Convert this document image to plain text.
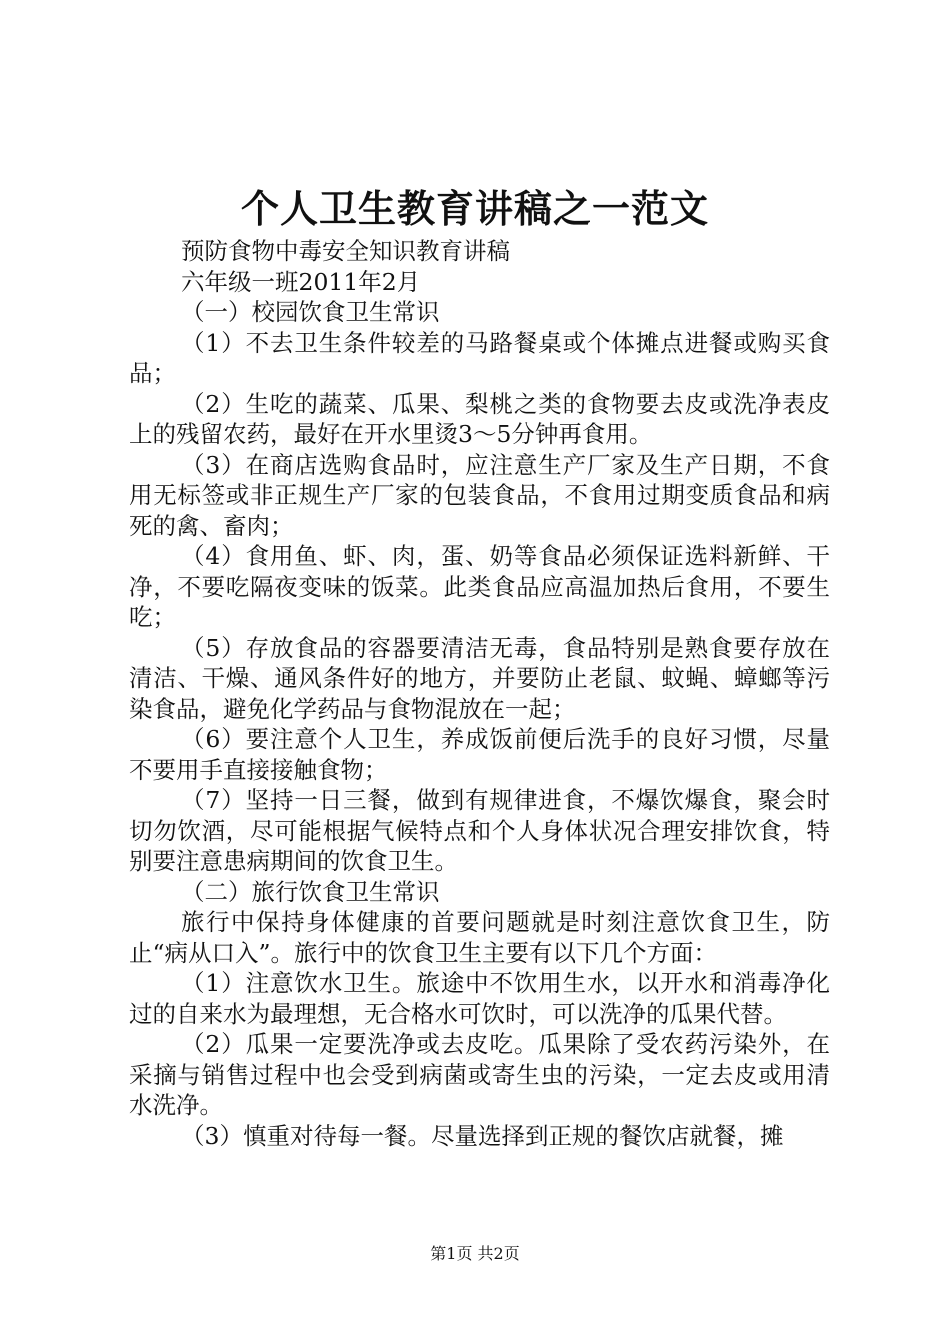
个人卫生教育讲稿之一范文

预防食物中毒安全知识教育讲稿

六年级一班2011年2月

（一）校园饮食卫生常识

（1）不去卫生条件较差的马路餐桌或个体摊点进餐或购买食品；

（2）生吃的蔬菜、瓜果、梨桃之类的食物要去皮或洗净表皮上的残留农药，最好在开水里烫3～5分钟再食用。

（3）在商店选购食品时，应注意生产厂家及生产日期，不食用无标签或非正规生产厂家的包装食品，不食用过期变质食品和病死的禽、畜肉；

（4）食用鱼、虾、肉，蛋、奶等食品必须保证选料新鲜、干净，不要吃隔夜变味的饭菜。此类食品应高温加热后食用，不要生吃；

（5）存放食品的容器要清洁无毒，食品特别是熟食要存放在清洁、干燥、通风条件好的地方，并要防止老鼠、蚊蝇、蟑螂等污染食品，避免化学药品与食物混放在一起；

（6）要注意个人卫生，养成饭前便后洗手的良好习惯，尽量不要用手直接接触食物；

（7）坚持一日三餐，做到有规律进食，不爆饮爆食，聚会时切勿饮酒，尽可能根据气候特点和个人身体状况合理安排饮食，特别要注意患病期间的饮食卫生。

（二）旅行饮食卫生常识

旅行中保持身体健康的首要问题就是时刻注意饮食卫生，防止“病从口入”。旅行中的饮食卫生主要有以下几个方面：

（1）注意饮水卫生。旅途中不饮用生水，以开水和消毒净化过的自来水为最理想，无合格水可饮时，可以洗净的瓜果代替。

（2）瓜果一定要洗净或去皮吃。瓜果除了受农药污染外，在采摘与销售过程中也会受到病菌或寄生虫的污染，一定去皮或用清水洗净。

（3）慎重对待每一餐。尽量选择到正规的餐饮店就餐，摊

第1页 共2页
